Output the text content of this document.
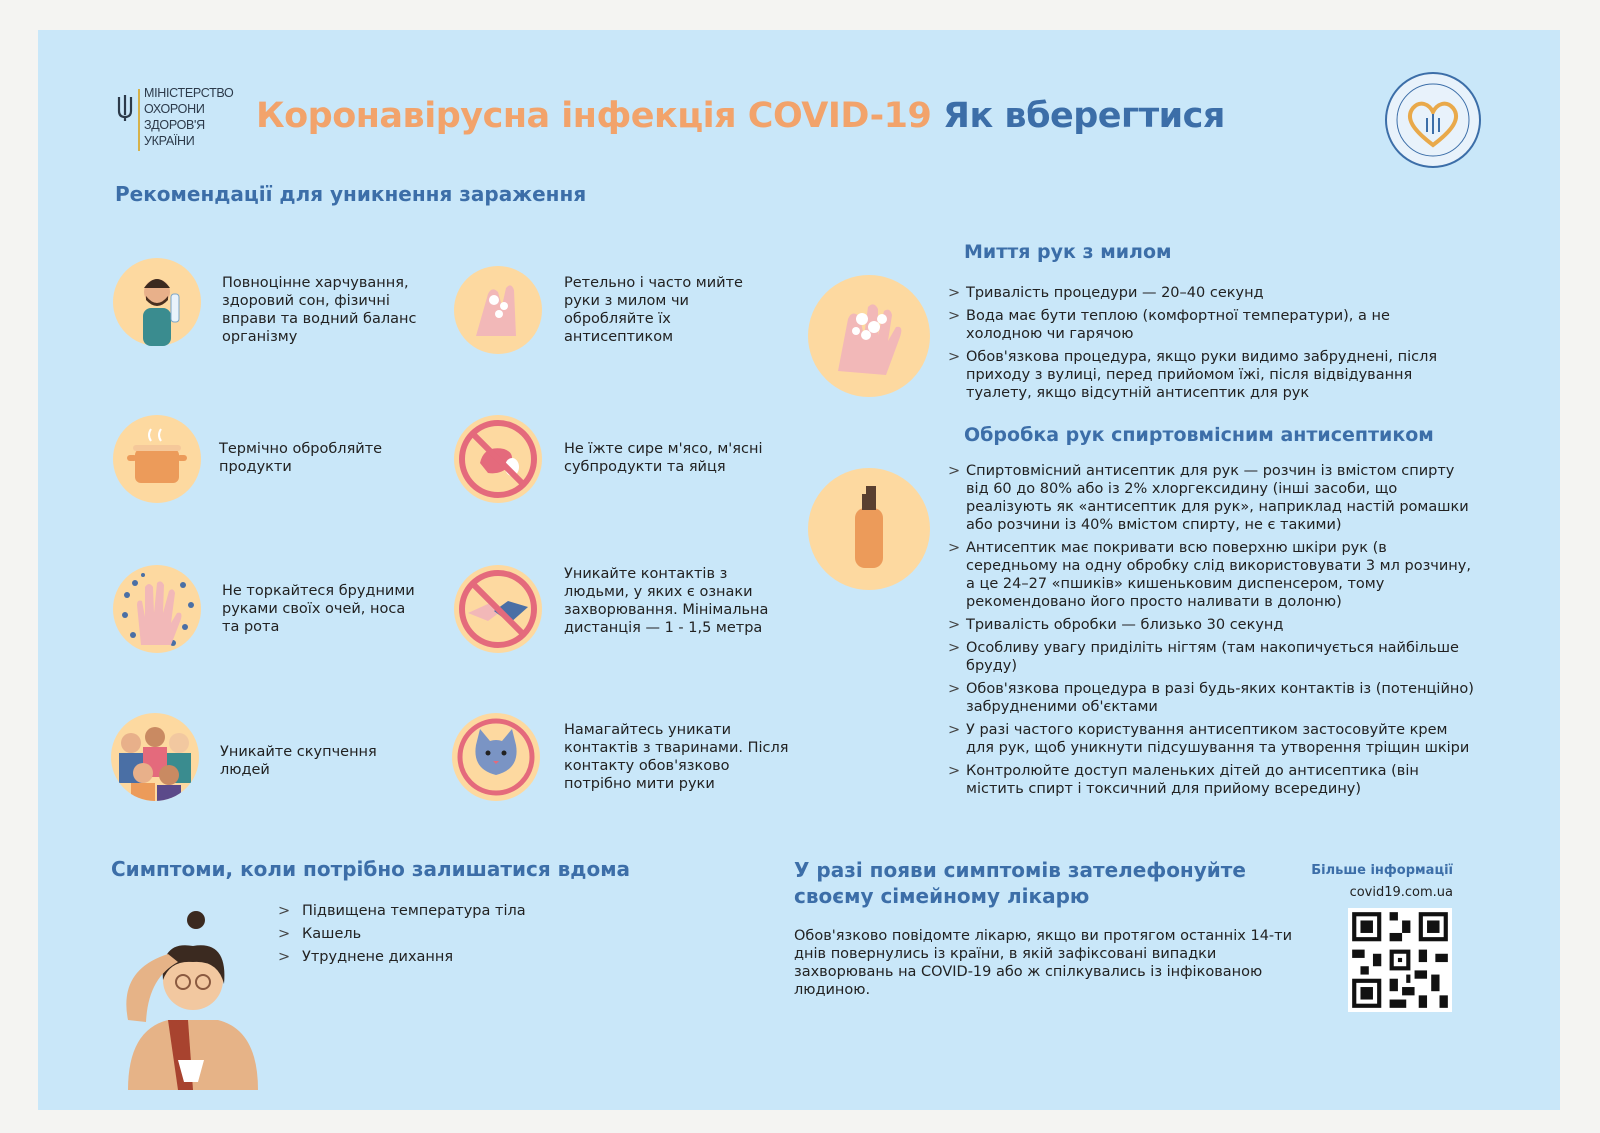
МІНІСТЕРСТВО
ОХОРОНИ
ЗДОРОВ'Я
УКРАЇНИ
Коронавірусна інфекція COVID-19 Як вберегтися
Рекомендації для уникнення зараження
Повноцінне харчування, здоровий сон, фізичні вправи та водний баланс організму
Ретельно і часто мийте руки з милом чи обробляйте їх антисептиком
Термічно обробляйте продукти
Не їжте сире м'ясо, м'ясні субпродукти та яйця
Не торкайтеся брудними руками своїх очей, носа та рота
Уникайте контактів з людьми, у яких є ознаки захворювання. Мінімальна дистанція — 1 - 1,5 метра
Уникайте скупчення людей
Намагайтесь уникати контактів з тваринами. Після контакту обов'язково потрібно мити руки
Миття рук з милом
> Тривалість процедури — 20–40 секунд
> Вода має бути теплою (комфортної температури), а не холодною чи гарячою
> Обов'язкова процедура, якщо руки видимо забруднені, після приходу з вулиці, перед прийомом їжі, після відвідування туалету, якщо відсутній антисептик для рук
Обробка рук спиртовмісним антисептиком
> Спиртовмісний антисептик для рук — розчин із вмістом спирту від 60 до 80% або із 2% хлоргексидину (інші засоби, що реалізують як «антисептик для рук», наприклад настій ромашки або розчини із 40% вмістом спирту, не є такими)
> Антисептик має покривати всю поверхню шкіри рук (в середньому на одну обробку слід використовувати 3 мл розчину, а це 24–27 «пшиків» кишеньковим диспенсером, тому рекомендовано його просто наливати в долоню)
> Тривалість обробки — близько 30 секунд
> Особливу увагу приділіть нігтям (там накопичується найбільше бруду)
> Обов'язкова процедура в разі будь-яких контактів із (потенційно) забрудненими об'єктами
> У разі частого користування антисептиком застосовуйте крем для рук, щоб уникнути підсушування та утворення тріщин шкіри
> Контролюйте доступ маленьких дітей до антисептика (він містить спирт і токсичний для прийому всередину)
Симптоми, коли потрібно залишатися вдома
> Підвищена температура тіла
> Кашель
> Утруднене дихання
У разі появи симптомів зателефонуйте своєму сімейному лікарю
Обов'язково повідомте лікарю, якщо ви протягом останніх 14-ти днів повернулись із країни, в якій зафіксовані випадки захворювань на COVID-19 або ж спілкувались із інфікованою людиною.
Більше інформації
covid19.com.ua
